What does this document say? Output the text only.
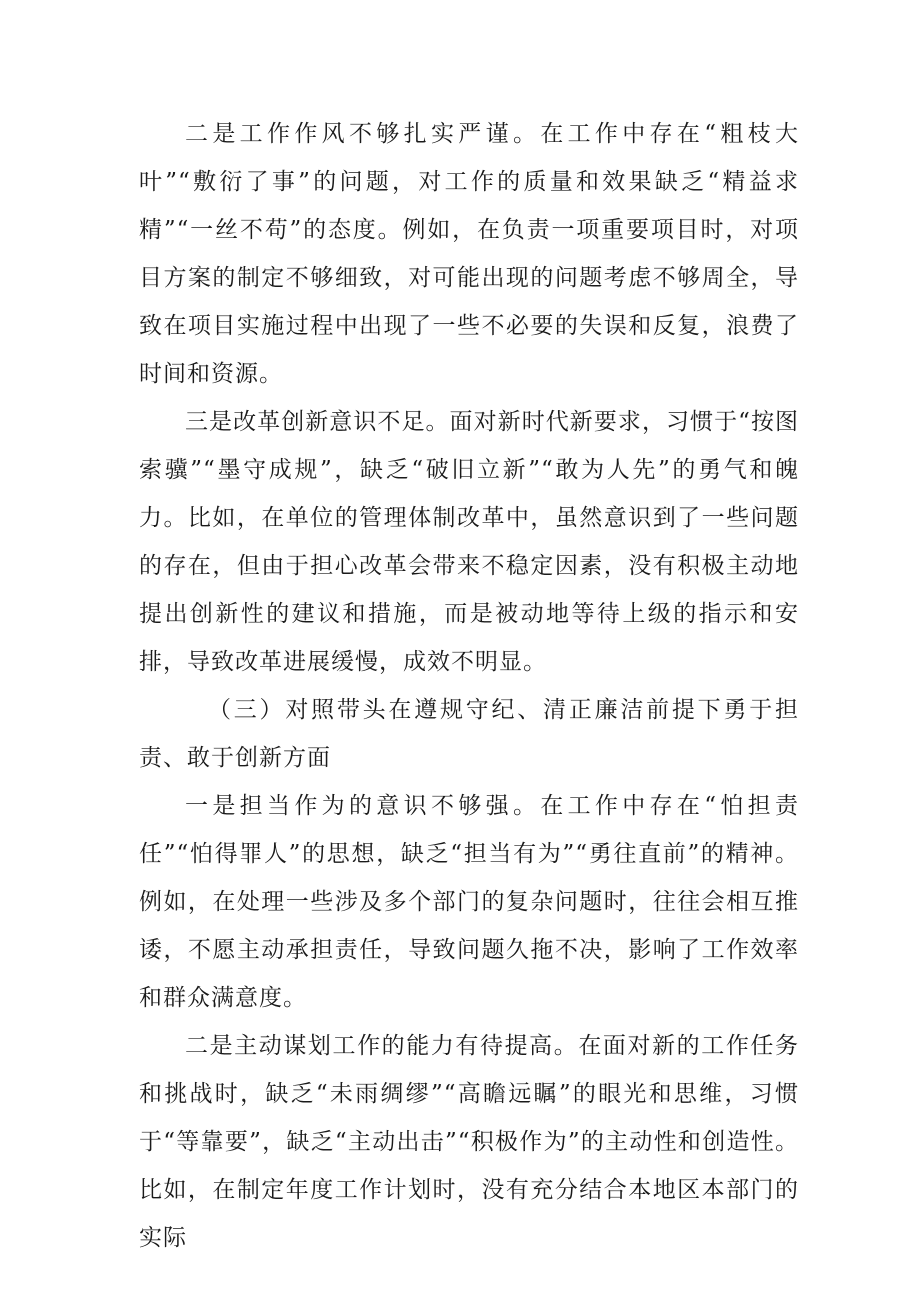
二是工作作风不够扎实严谨。在工作中存在“粗枝大叶”“敷衍了事”的问题，对工作的质量和效果缺乏“精益求精”“一丝不苟”的态度。例如，在负责一项重要项目时，对项目方案的制定不够细致，对可能出现的问题考虑不够周全，导致在项目实施过程中出现了一些不必要的失误和反复，浪费了时间和资源。

三是改革创新意识不足。面对新时代新要求，习惯于“按图索骥”“墨守成规”，缺乏“破旧立新”“敢为人先”的勇气和魄力。比如，在单位的管理体制改革中，虽然意识到了一些问题的存在，但由于担心改革会带来不稳定因素，没有积极主动地提出创新性的建议和措施，而是被动地等待上级的指示和安排，导致改革进展缓慢，成效不明显。

（三）对照带头在遵规守纪、清正廉洁前提下勇于担责、敢于创新方面

一是担当作为的意识不够强。在工作中存在“怕担责任”“怕得罪人”的思想，缺乏“担当有为”“勇往直前”的精神。例如，在处理一些涉及多个部门的复杂问题时，往往会相互推诿，不愿主动承担责任，导致问题久拖不决，影响了工作效率和群众满意度。

二是主动谋划工作的能力有待提高。在面对新的工作任务和挑战时，缺乏“未雨绸缪”“高瞻远瞩”的眼光和思维，习惯于“等靠要”，缺乏“主动出击”“积极作为”的主动性和创造性。比如，在制定年度工作计划时，没有充分结合本地区本部门的实际
